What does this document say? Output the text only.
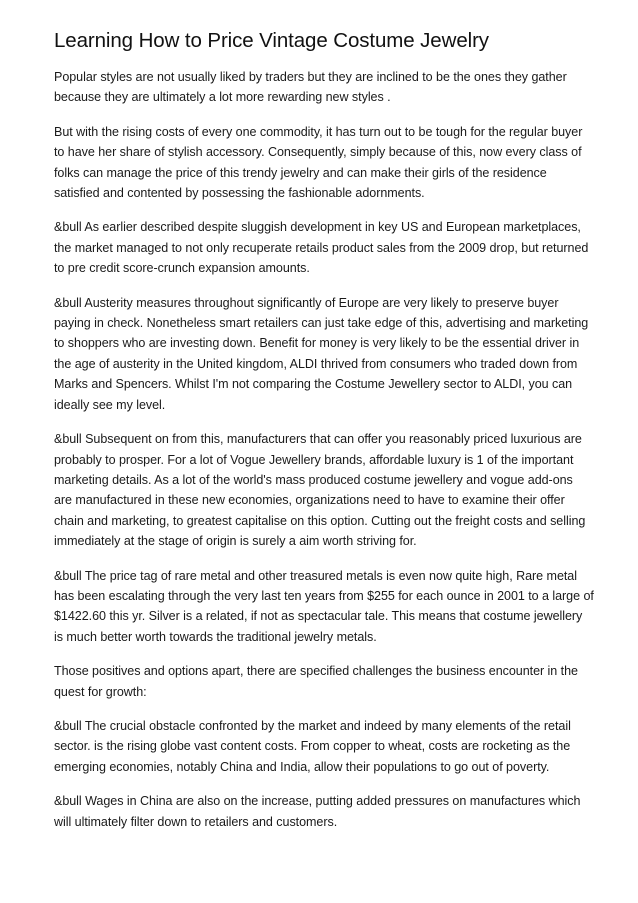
Learning How to Price Vintage Costume Jewelry

Popular styles are not usually liked by traders but they are inclined to be the ones they gather because they are ultimately a lot more rewarding new styles .

But with the rising costs of every one commodity, it has turn out to be tough for the regular buyer to have her share of stylish accessory. Consequently, simply because of this, now every class of folks can manage the price of this trendy jewelry and can make their girls of the residence satisfied and contented by possessing the fashionable adornments.

&bull As earlier described despite sluggish development in key US and European marketplaces, the market managed to not only recuperate retails product sales from the 2009 drop, but returned to pre credit score-crunch expansion amounts.

&bull Austerity measures throughout significantly of Europe are very likely to preserve buyer paying in check. Nonetheless smart retailers can just take edge of this, advertising and marketing to shoppers who are investing down. Benefit for money is very likely to be the essential driver in the age of austerity in the United kingdom, ALDI thrived from consumers who traded down from Marks and Spencers. Whilst I'm not comparing the Costume Jewellery sector to ALDI, you can ideally see my level.

&bull Subsequent on from this, manufacturers that can offer you reasonably priced luxurious are probably to prosper. For a lot of Vogue Jewellery brands, affordable luxury is 1 of the important marketing details. As a lot of the world's mass produced costume jewellery and vogue add-ons are manufactured in these new economies, organizations need to have to examine their offer chain and marketing, to greatest capitalise on this option. Cutting out the freight costs and selling immediately at the stage of origin is surely a aim worth striving for.

&bull The price tag of rare metal and other treasured metals is even now quite high, Rare metal has been escalating through the very last ten years from $255 for each ounce in 2001 to a large of $1422.60 this yr. Silver is a related, if not as spectacular tale. This means that costume jewellery is much better worth towards the traditional jewelry metals.

Those positives and options apart, there are specified challenges the business encounter in the quest for growth:

&bull The crucial obstacle confronted by the market and indeed by many elements of the retail sector. is the rising globe vast content costs. From copper to wheat, costs are rocketing as the emerging economies, notably China and India, allow their populations to go out of poverty.

&bull Wages in China are also on the increase, putting added pressures on manufactures which will ultimately filter down to retailers and customers.
